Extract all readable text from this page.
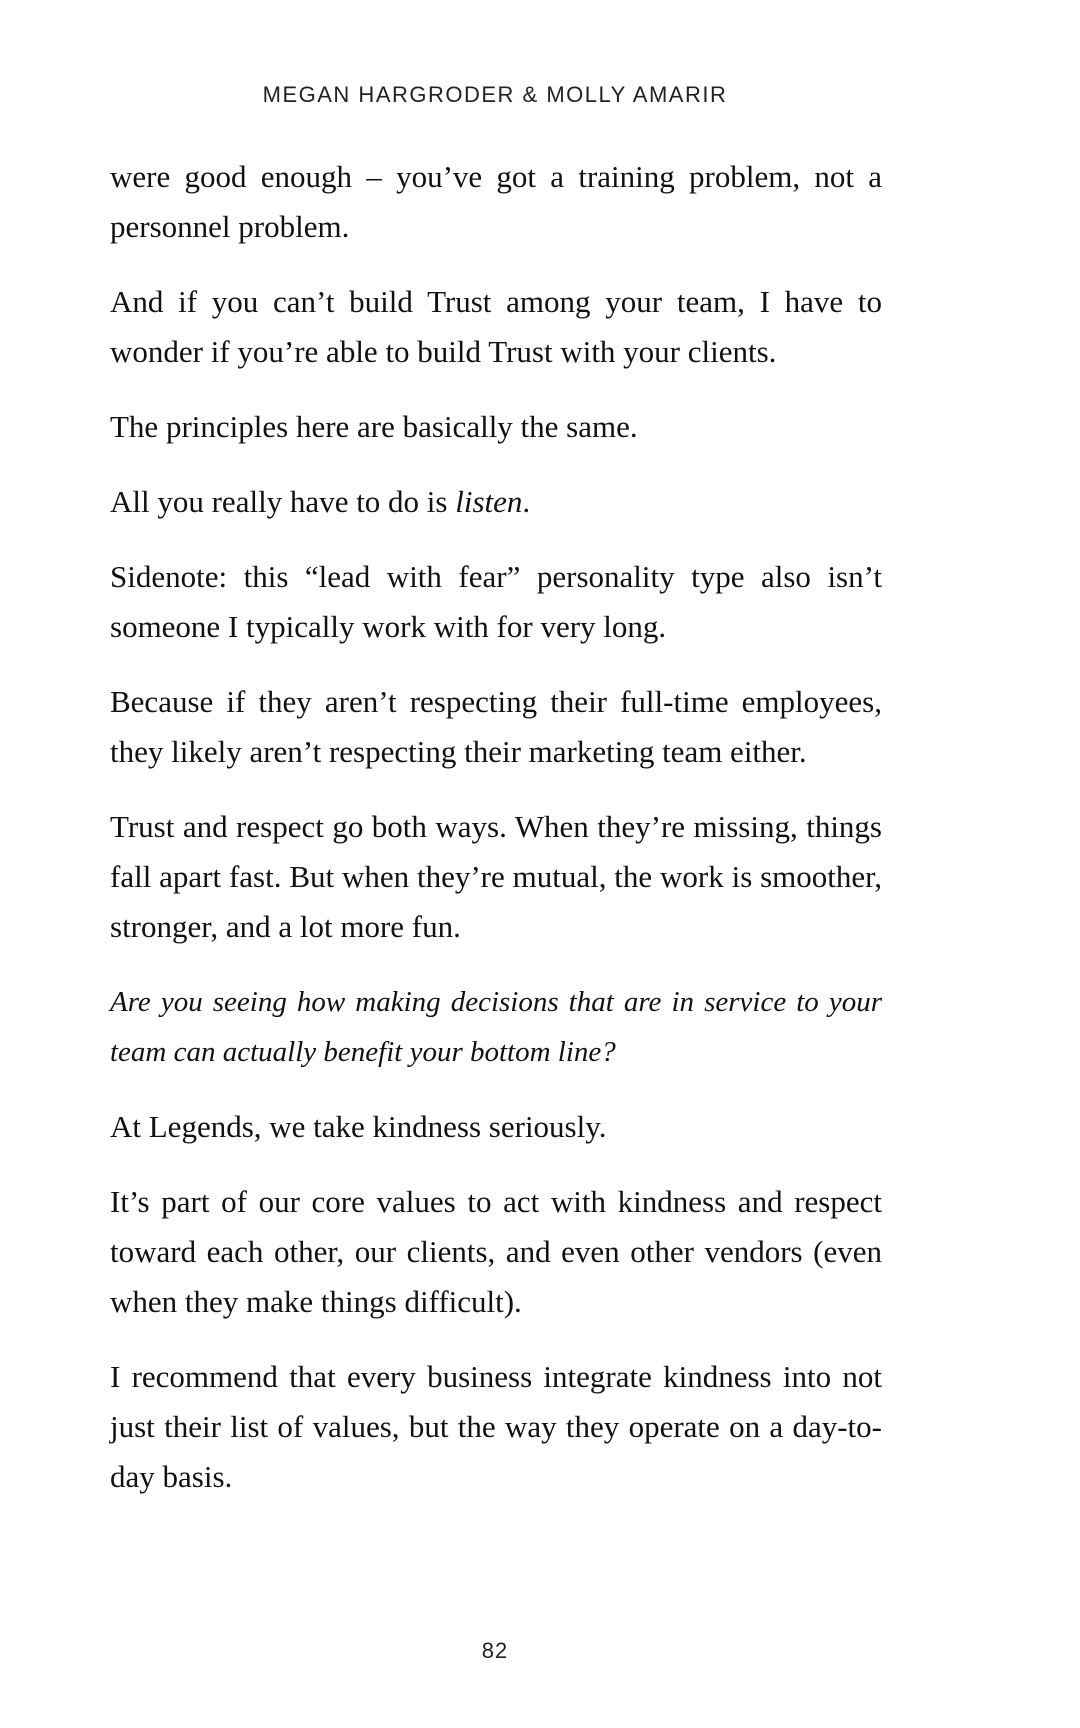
MEGAN HARGRODER & MOLLY AMARIR

were good enough – you’ve got a training problem, not a personnel problem.

And if you can’t build Trust among your team, I have to wonder if you’re able to build Trust with your clients.

The principles here are basically the same.

All you really have to do is listen.

Sidenote: this “lead with fear” personality type also isn’t someone I typically work with for very long.

Because if they aren’t respecting their full-time employees, they likely aren’t respecting their marketing team either.

Trust and respect go both ways. When they’re missing, things fall apart fast. But when they’re mutual, the work is smoother, stronger, and a lot more fun.

Are you seeing how making decisions that are in service to your team can actually benefit your bottom line?

At Legends, we take kindness seriously.

It’s part of our core values to act with kindness and respect toward each other, our clients, and even other vendors (even when they make things difficult).

I recommend that every business integrate kindness into not just their list of values, but the way they operate on a day-to-day basis.

82
